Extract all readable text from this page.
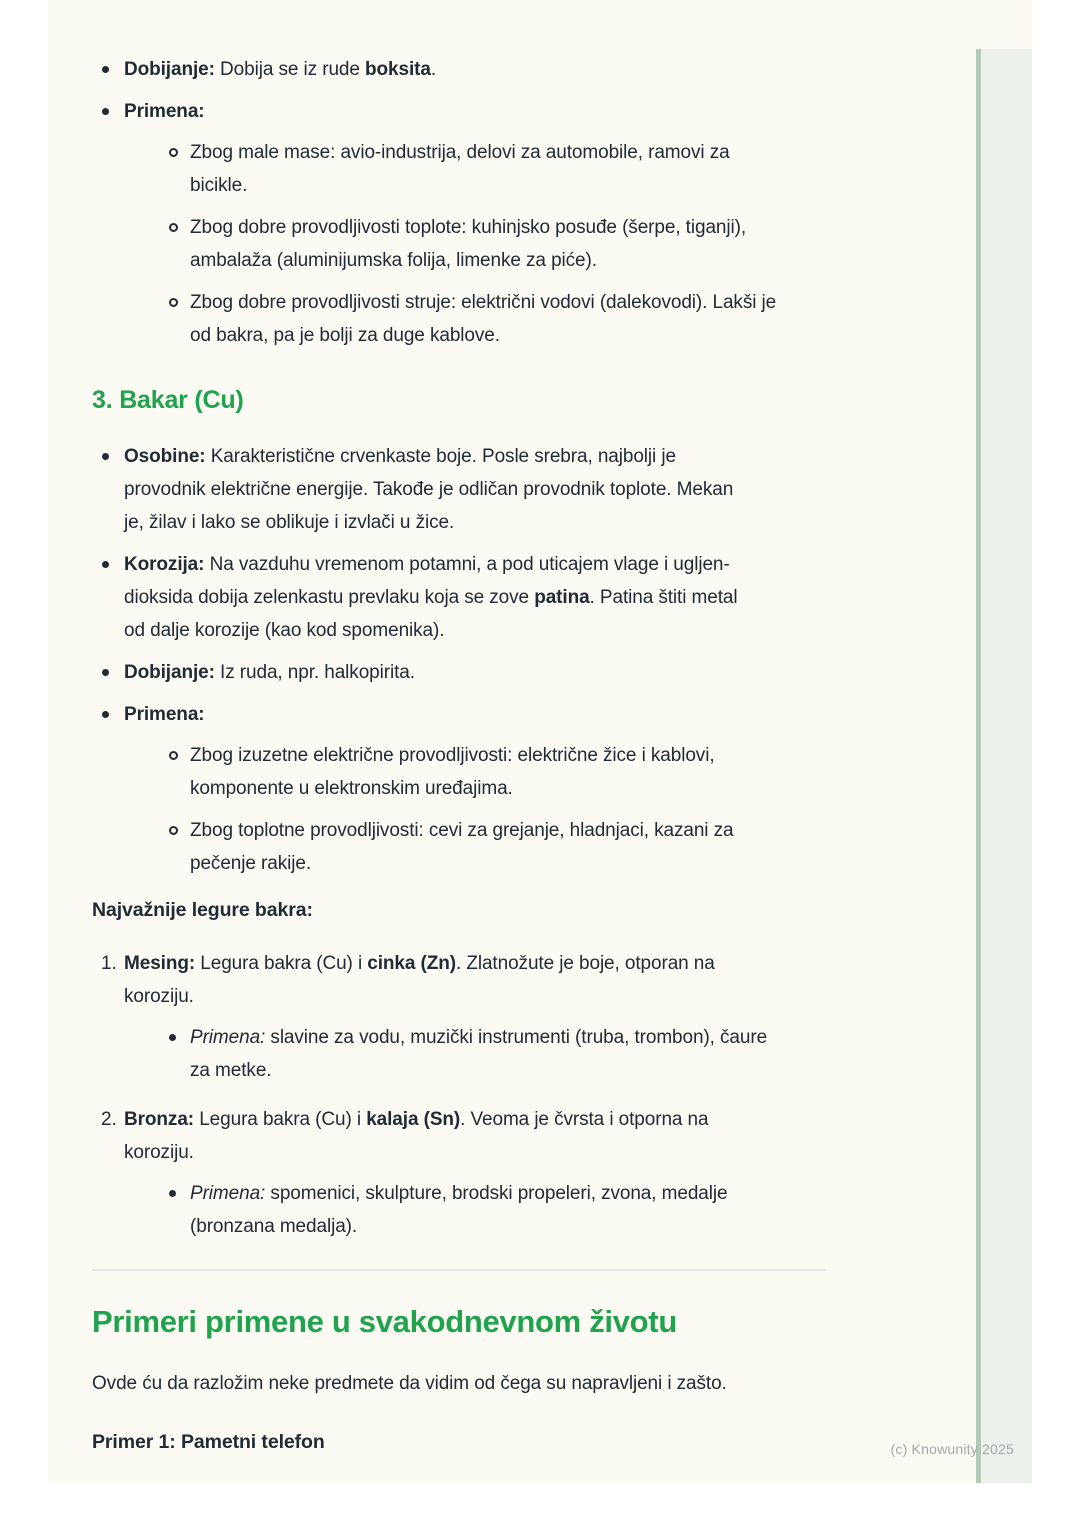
Dobijanje: Dobija se iz rude boksita.
Primena:
Zbog male mase: avio-industrija, delovi za automobile, ramovi za
bicikle.
Zbog dobre provodljivosti toplote: kuhinjsko posuđe (šerpe, tiganji),
ambalaža (aluminijumska folija, limenke za piće).
Zbog dobre provodljivosti struje: električni vodovi (dalekovodi). Lakši je
od bakra, pa je bolji za duge kablove.
3. Bakar (Cu)
Osobine: Karakteristične crvenkaste boje. Posle srebra, najbolji je
provodnik električne energije. Takođe je odličan provodnik toplote. Mekan
je, žilav i lako se oblikuje i izvlači u žice.
Korozija: Na vazduhu vremenom potamni, a pod uticajem vlage i ugljen-
dioksida dobija zelenkastu prevlaku koja se zove patina. Patina štiti metal
od dalje korozije (kao kod spomenika).
Dobijanje: Iz ruda, npr. halkopirita.
Primena:
Zbog izuzetne električne provodljivosti: električne žice i kablovi,
komponente u elektronskim uređajima.
Zbog toplotne provodljivosti: cevi za grejanje, hladnjaci, kazani za
pečenje rakije.
Najvažnije legure bakra:
1. Mesing: Legura bakra (Cu) i cinka (Zn). Zlatnožute je boje, otporan na
koroziju.
Primena: slavine za vodu, muzički instrumenti (truba, trombon), čaure
za metke.
2. Bronza: Legura bakra (Cu) i kalaja (Sn). Veoma je čvrsta i otporna na
koroziju.
Primena: spomenici, skulpture, brodski propeleri, zvona, medalje
(bronzana medalja).
Primeri primene u svakodnevnom životu

Ovde ću da razložim neke predmete da vidim od čega su napravljeni i zašto.

Primer 1: Pametni telefon	(c) Knowunity 2025
